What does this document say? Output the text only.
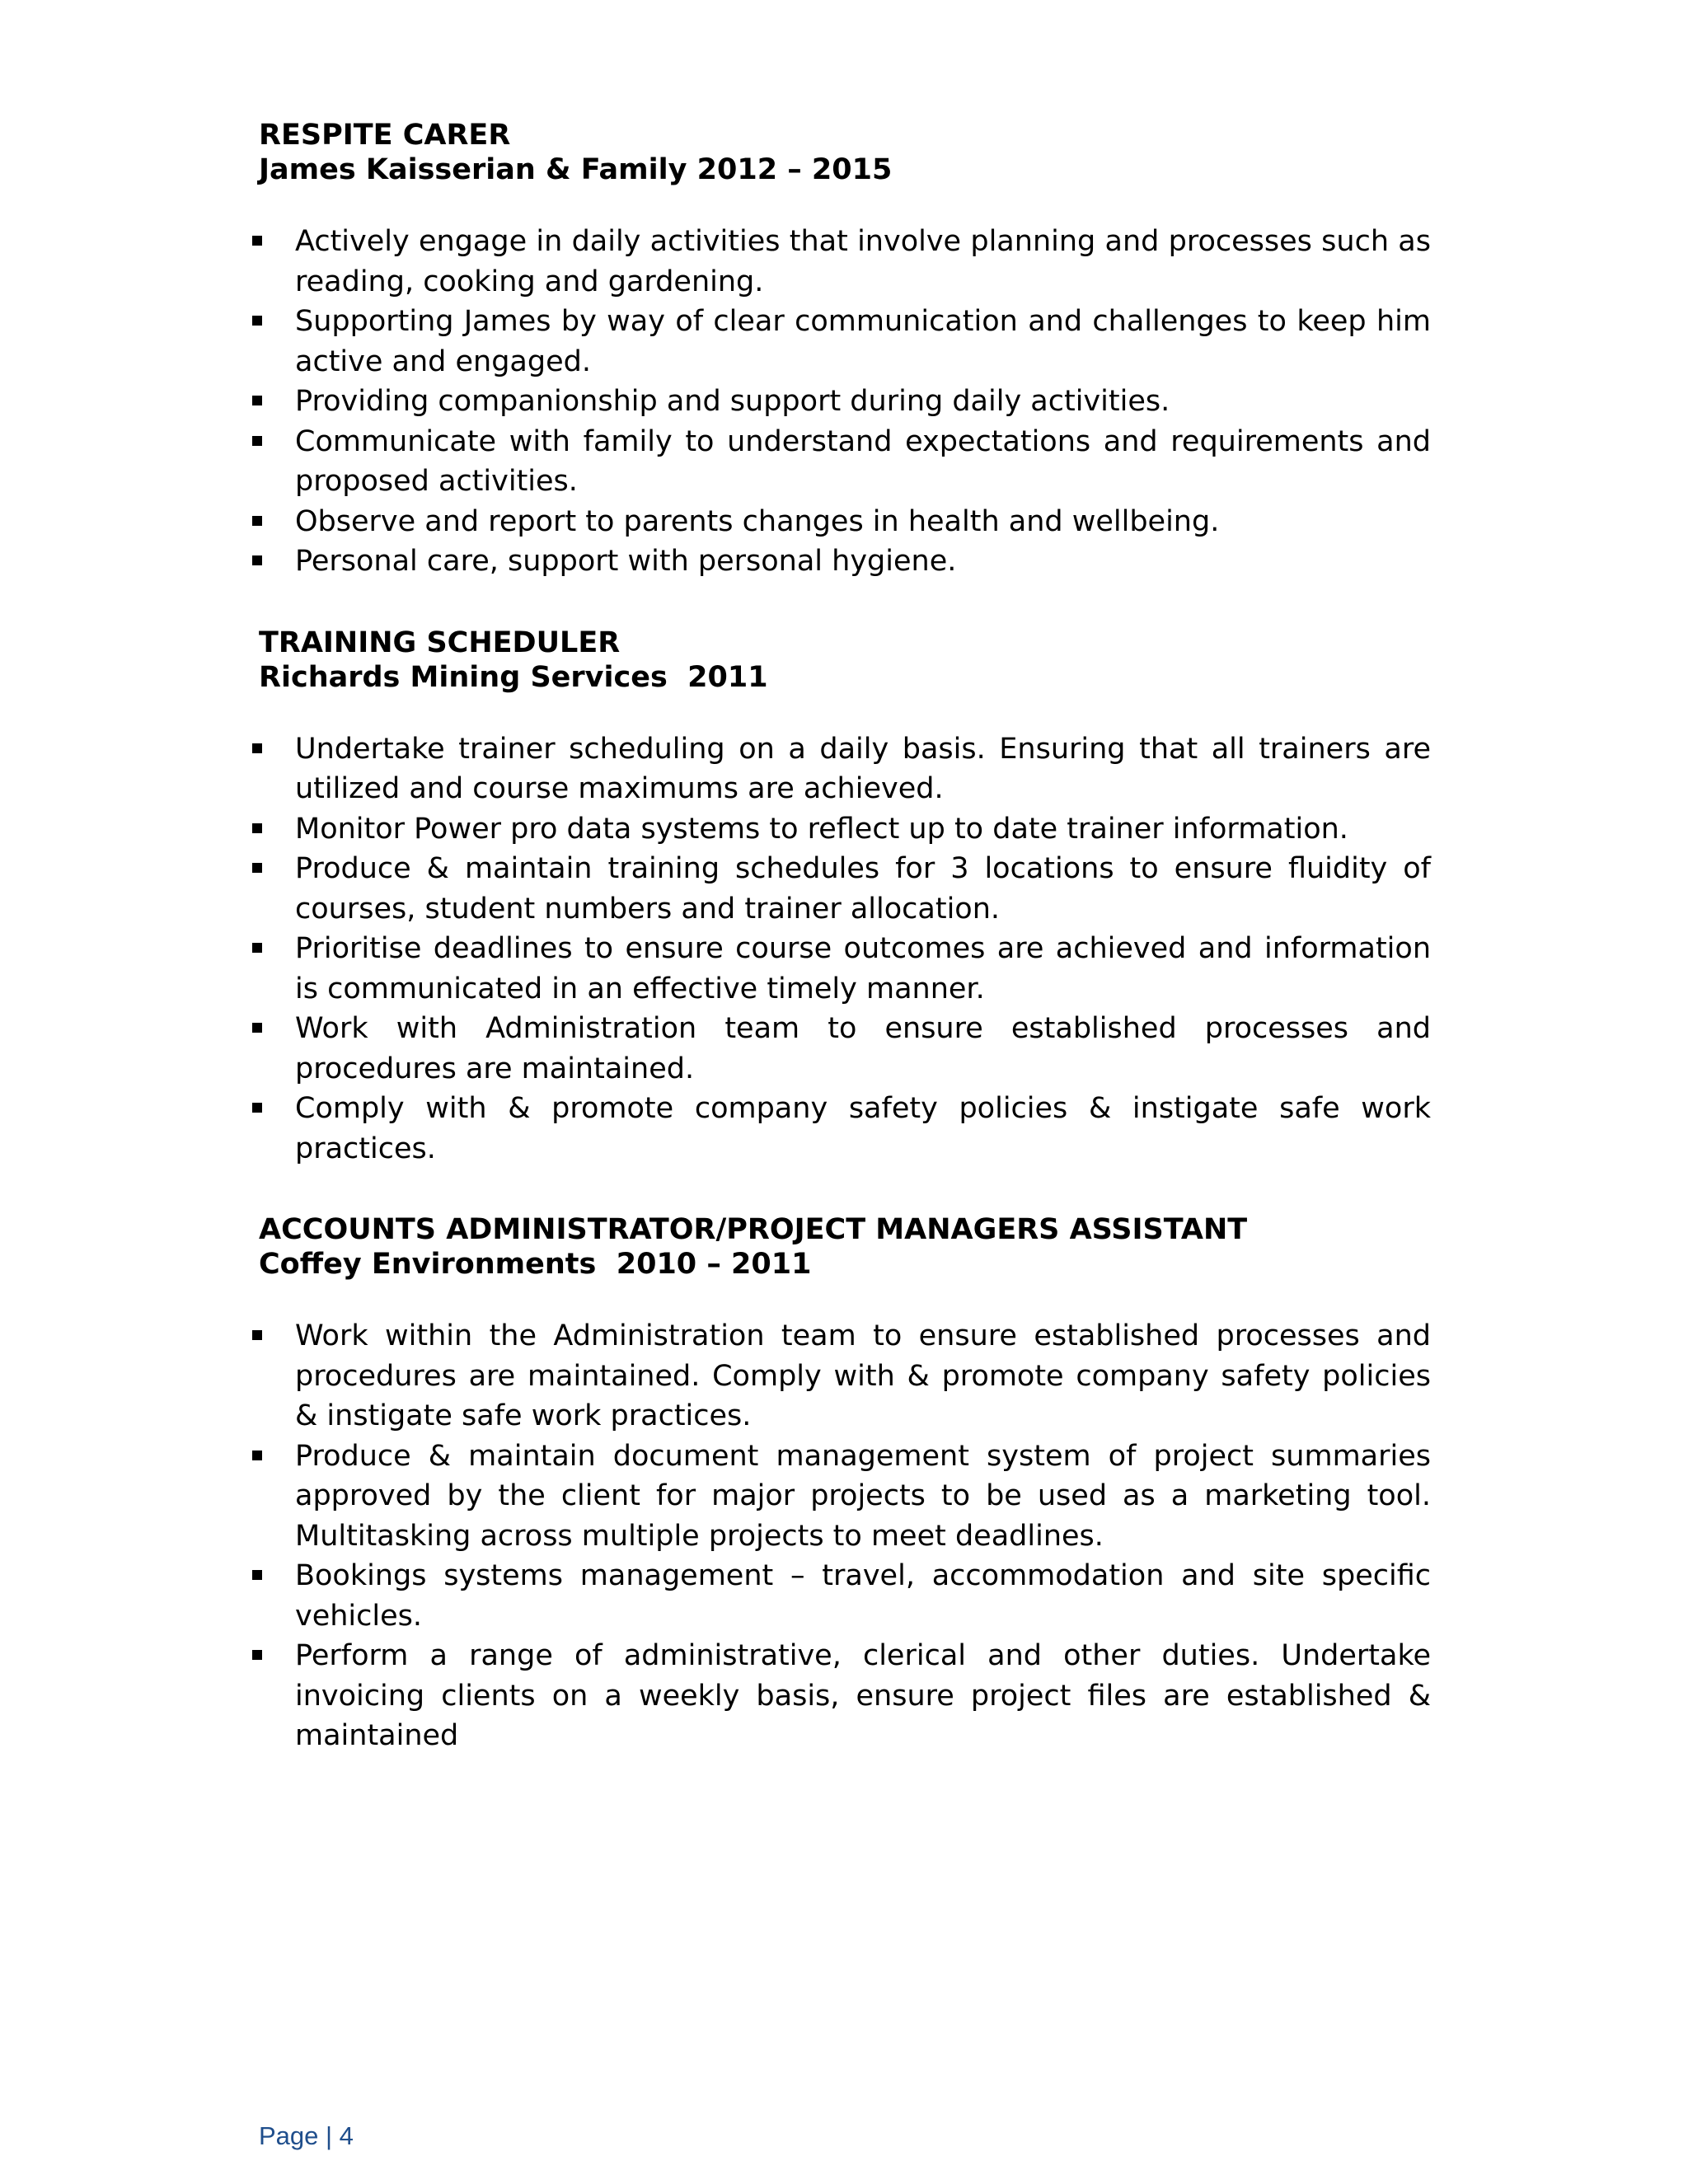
RESPITE CARER
James Kaisserian & Family 2012 – 2015
Actively engage in daily activities that involve planning and processes such as reading, cooking and gardening.
Supporting James by way of clear communication and challenges to keep him active and engaged.
Providing companionship and support during daily activities.
Communicate with family to understand expectations and requirements and proposed activities.
Observe and report to parents changes in health and wellbeing.
Personal care, support with personal hygiene.
TRAINING SCHEDULER
Richards Mining Services  2011
Undertake trainer scheduling on a daily basis. Ensuring that all trainers are utilized and course maximums are achieved.
Monitor Power pro data systems to reflect up to date trainer information.
Produce & maintain training schedules for 3 locations to ensure fluidity of courses, student numbers and trainer allocation.
Prioritise deadlines to ensure course outcomes are achieved and information is communicated in an effective timely manner.
Work with Administration team to ensure established processes and procedures are maintained.
Comply with & promote company safety policies & instigate safe work practices.
ACCOUNTS ADMINISTRATOR/PROJECT MANAGERS ASSISTANT
Coffey Environments  2010 – 2011
Work within the Administration team to ensure established processes and procedures are maintained. Comply with & promote company safety policies & instigate safe work practices.
Produce & maintain document management system of project summaries approved by the client for major projects to be used as a marketing tool. Multitasking across multiple projects to meet deadlines.
Bookings systems management – travel, accommodation and site specific vehicles.
Perform a range of administrative, clerical and other duties. Undertake invoicing clients on a weekly basis, ensure project files are established & maintained
Page | 4
